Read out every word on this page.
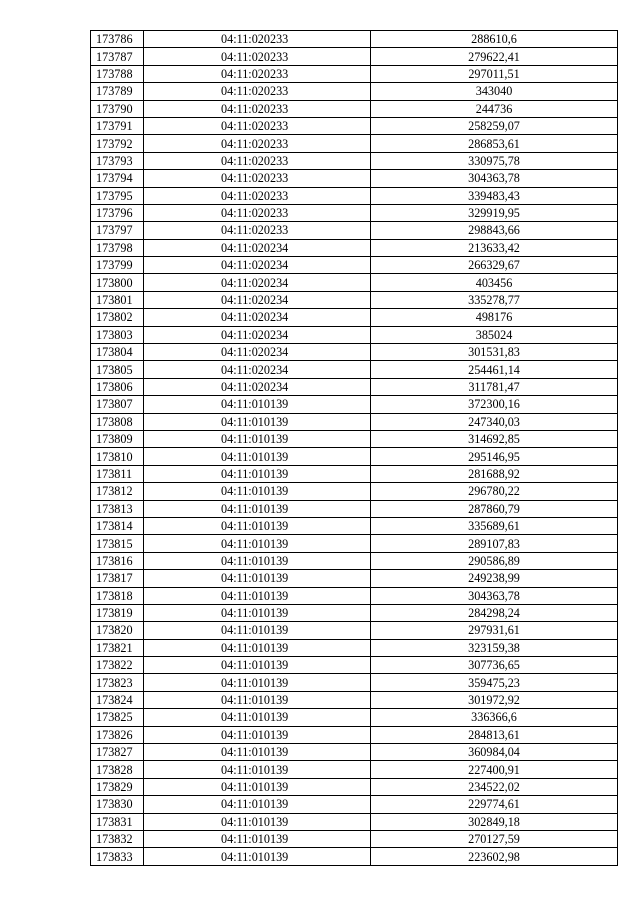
173786	04:11:020233	288610,6
173787	04:11:020233	279622,41
173788	04:11:020233	297011,51
173789	04:11:020233	343040
173790	04:11:020233	244736
173791	04:11:020233	258259,07
173792	04:11:020233	286853,61
173793	04:11:020233	330975,78
173794	04:11:020233	304363,78
173795	04:11:020233	339483,43
173796	04:11:020233	329919,95
173797	04:11:020233	298843,66
173798	04:11:020234	213633,42
173799	04:11:020234	266329,67
173800	04:11:020234	403456
173801	04:11:020234	335278,77
173802	04:11:020234	498176
173803	04:11:020234	385024
173804	04:11:020234	301531,83
173805	04:11:020234	254461,14
173806	04:11:020234	311781,47
173807	04:11:010139	372300,16
173808	04:11:010139	247340,03
173809	04:11:010139	314692,85
173810	04:11:010139	295146,95
173811	04:11:010139	281688,92
173812	04:11:010139	296780,22
173813	04:11:010139	287860,79
173814	04:11:010139	335689,61
173815	04:11:010139	289107,83
173816	04:11:010139	290586,89
173817	04:11:010139	249238,99
173818	04:11:010139	304363,78
173819	04:11:010139	284298,24
173820	04:11:010139	297931,61
173821	04:11:010139	323159,38
173822	04:11:010139	307736,65
173823	04:11:010139	359475,23
173824	04:11:010139	301972,92
173825	04:11:010139	336366,6
173826	04:11:010139	284813,61
173827	04:11:010139	360984,04
173828	04:11:010139	227400,91
173829	04:11:010139	234522,02
173830	04:11:010139	229774,61
173831	04:11:010139	302849,18
173832	04:11:010139	270127,59
173833	04:11:010139	223602,98
